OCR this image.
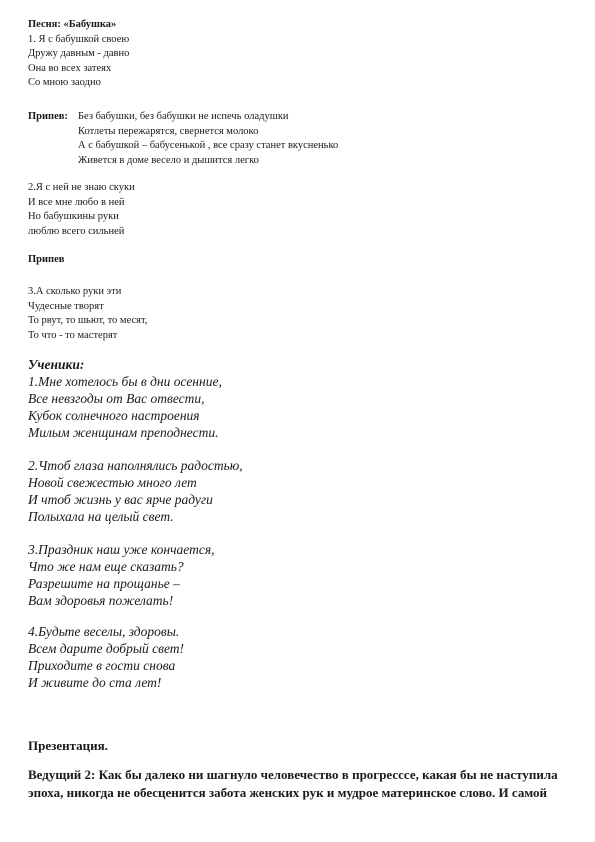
Песня: «Бабушка»
1. Я с бабушкой своею
Дружу давным - давно
Она во всех затеях
Со мною заодно
Припев: Без бабушки, без бабушки не испечь оладушки
Котлеты пережарятся, свернется молоко
А с бабушкой – бабусенькой , все сразу станет вкусненько
Живется в доме весело и дышится легко
2.Я с ней не знаю скуки
И все мне любо в ней
Но бабушкины руки
люблю всего сильней
Припев
3.А сколько руки эти
Чудесные творят
То рвут, то шьют, то месят,
То что - то мастерят
Ученики:
1.Мне хотелось бы в дни осенние,
Все невзгоды от Вас отвести,
Кубок солнечного настроения
Милым женщинам преподнести.
2.Чтоб глаза наполнялись радостью,
Новой свежестью много лет
И чтоб жизнь у вас ярче радуги
Полыхала на целый свет.
3.Праздник наш уже кончается,
Что же нам еще сказать?
Разрешите на прощанье –
Вам здоровья пожелать!
4.Будьте веселы, здоровы.
Всем дарите добрый свет!
Приходите в гости снова
И живите до ста лет!
Презентация.
Ведущий 2: Как бы далеко ни шагнуло человечество в прогресссе, какая бы не наступила
эпоха, никогда не обесценится забота женских рук и мудрое материнское слово. И самой
